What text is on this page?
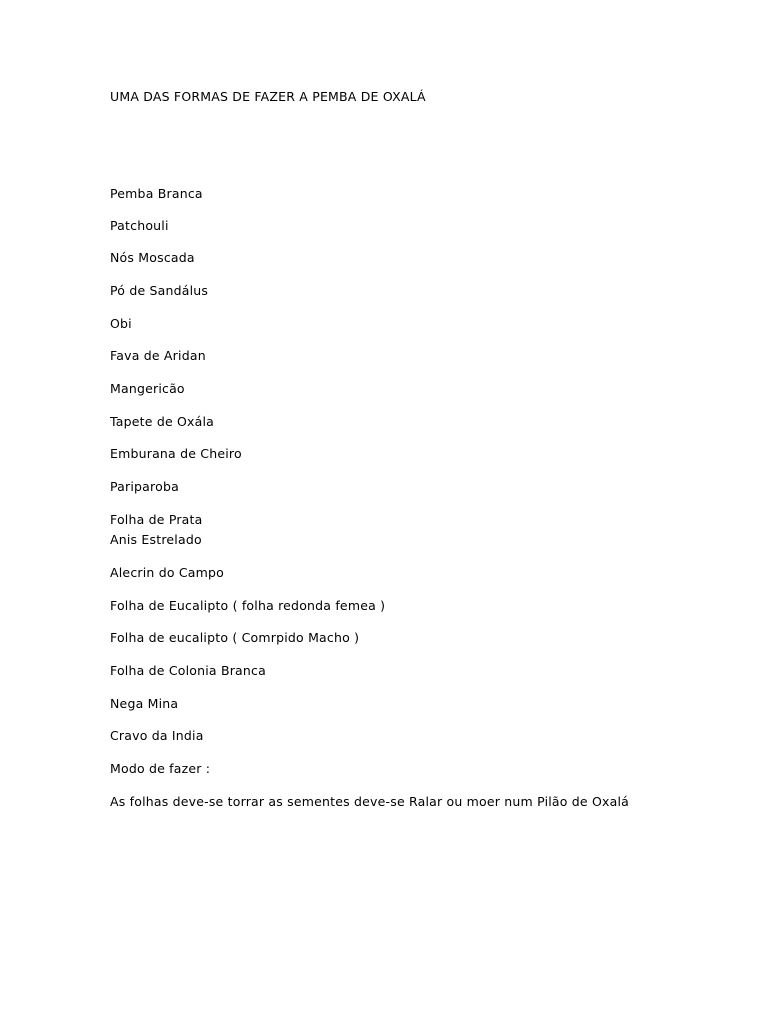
UMA DAS FORMAS DE FAZER A PEMBA DE OXALÁ
Pemba Branca
Patchouli
Nós Moscada
Pó de Sandálus
Obi
Fava de Aridan
Mangericão
Tapete de Oxála
Emburana de Cheiro
Pariparoba
Folha de Prata
Anis Estrelado
Alecrin do Campo
Folha de Eucalipto ( folha redonda femea )
Folha de eucalipto ( Comrpido Macho )
Folha de Colonia Branca
Nega Mina
Cravo da India
Modo de fazer :
As folhas deve-se torrar as sementes deve-se Ralar ou moer num Pilão de Oxalá
